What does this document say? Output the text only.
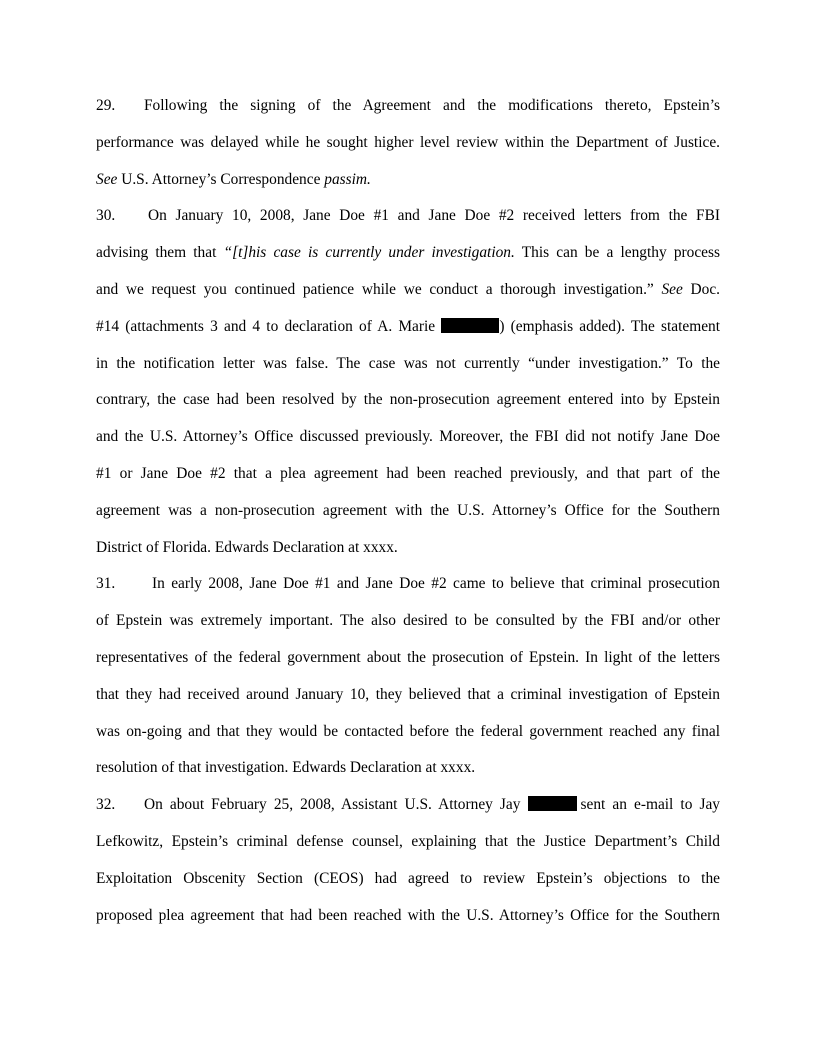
29. Following the signing of the Agreement and the modifications thereto, Epstein’s
performance was delayed while he sought higher level review within the Department of Justice.
See U.S. Attorney’s Correspondence passim.
30. On January 10, 2008, Jane Doe #1 and Jane Doe #2 received letters from the FBI
advising them that “[t]his case is currently under investigation. This can be a lengthy process
and we request you continued patience while we conduct a thorough investigation.” See Doc.
#14 (attachments 3 and 4 to declaration of A. Marie	) (emphasis added). The statement
in the notification letter was false. The case was not currently “under investigation.” To the
contrary, the case had been resolved by the non-prosecution agreement entered into by Epstein
and the U.S. Attorney’s Office discussed previously. Moreover, the FBI did not notify Jane Doe
#1 or Jane Doe #2 that a plea agreement had been reached previously, and that part of the
agreement was a non-prosecution agreement with the U.S. Attorney’s Office for the Southern
District of Florida. Edwards Declaration at xxxx.
31. In early 2008, Jane Doe #1 and Jane Doe #2 came to believe that criminal prosecution
of Epstein was extremely important. The also desired to be consulted by the FBI and/or other
representatives of the federal government about the prosecution of Epstein. In light of the letters
that they had received around January 10, they believed that a criminal investigation of Epstein
was on-going and that they would be contacted before the federal government reached any final
resolution of that investigation. Edwards Declaration at xxxx.
32. On about February 25, 2008, Assistant U.S. Attorney Jay	sent an e-mail to Jay
Lefkowitz, Epstein’s criminal defense counsel, explaining that the Justice Department’s Child
Exploitation Obscenity Section (CEOS) had agreed to review Epstein’s objections to the
proposed plea agreement that had been reached with the U.S. Attorney’s Office for the Southern
